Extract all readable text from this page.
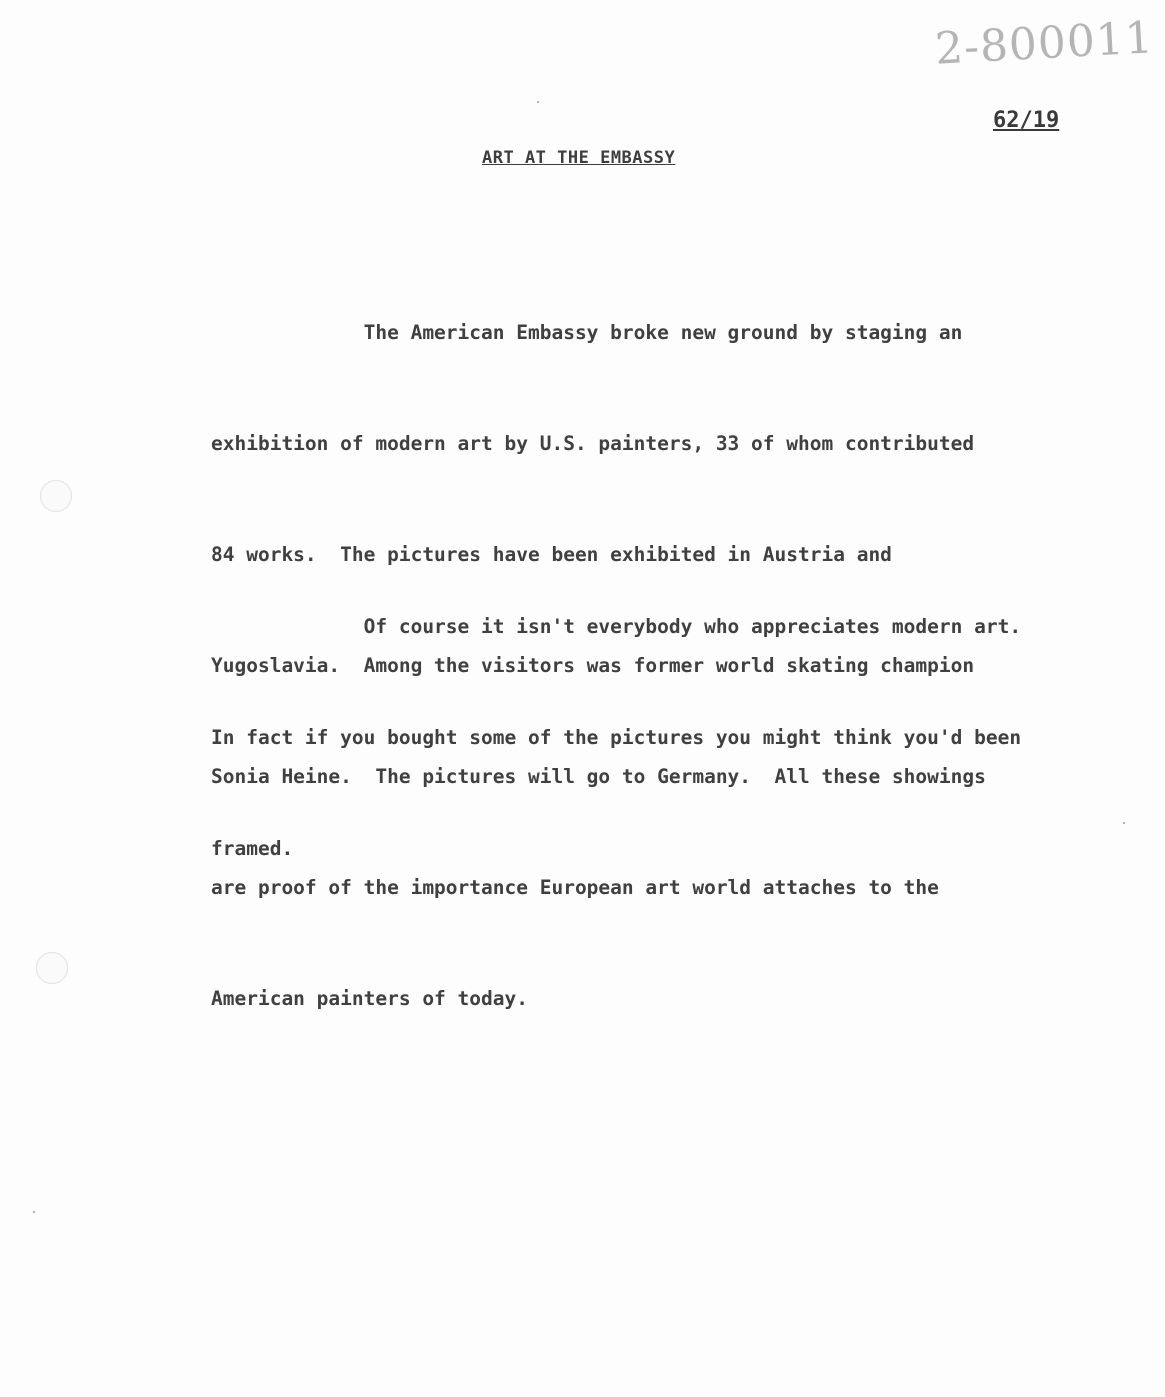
2-800011
62/19
ART AT THE EMBASSY

The American Embassy broke new ground by staging an

exhibition of modern art by U.S. painters, 33 of whom contributed

84 works.  The pictures have been exhibited in Austria and

Yugoslavia.  Among the visitors was former world skating champion

Sonia Heine.  The pictures will go to Germany.  All these showings

are proof of the importance European art world attaches to the

American painters of today.

Of course it isn't everybody who appreciates modern art.

In fact if you bought some of the pictures you might think you'd been

framed.
